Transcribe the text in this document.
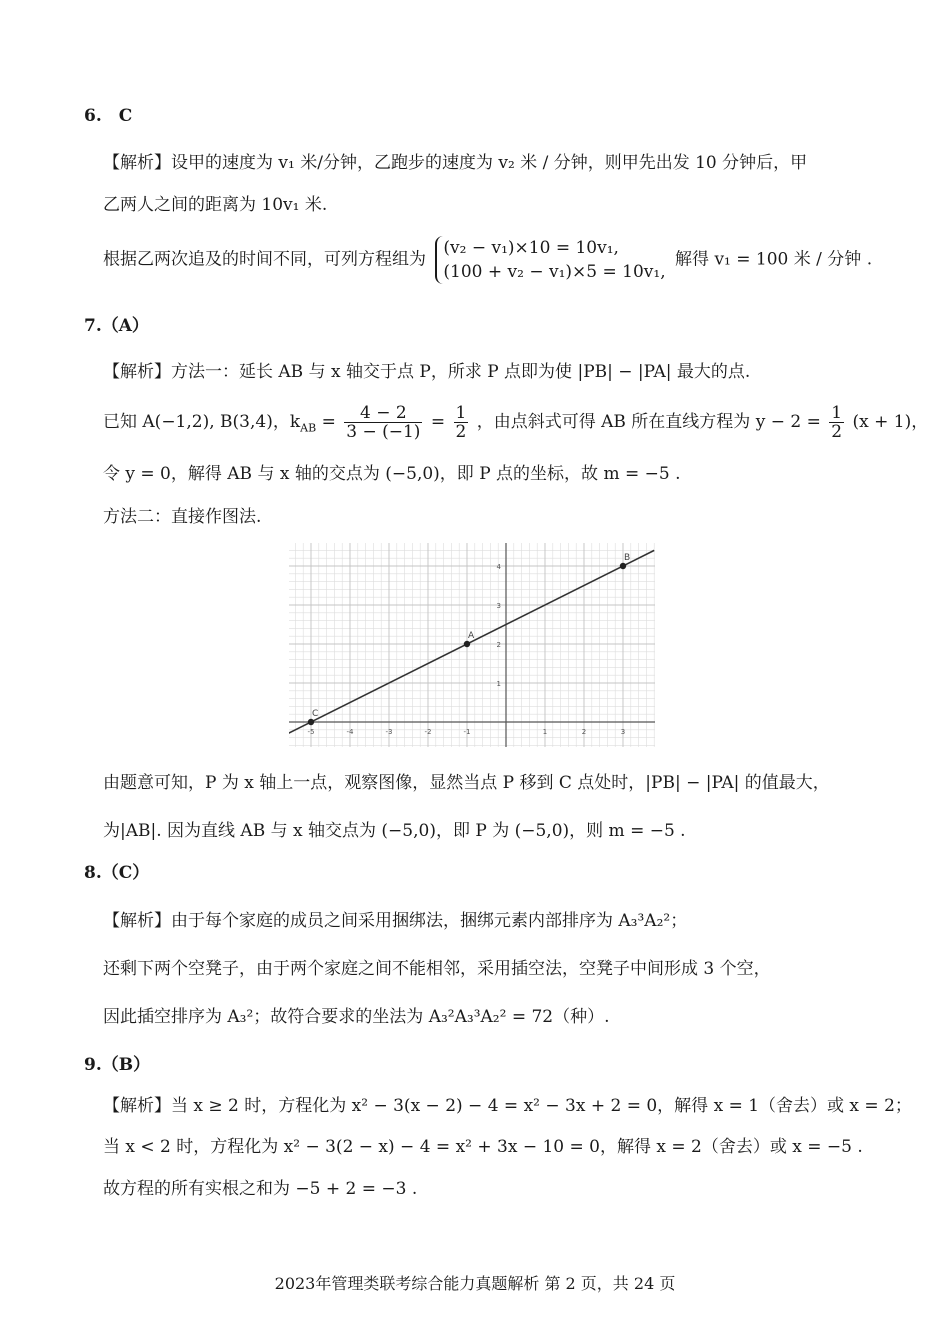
6.　C
【解析】设甲的速度为 v₁ 米/分钟，乙跑步的速度为 v₂ 米 / 分钟，则甲先出发 10 分钟后，甲
乙两人之间的距离为 10v₁ 米.
根据乙两次追及的时间不同，可列方程组为
(v₂ − v₁)×10 = 10v₁,
(100 + v₂ − v₁)×5 = 10v₁,
解得 v₁ = 100 米 / 分钟 .
7.（A）
【解析】方法一：延长 AB 与 x 轴交于点 P，所求 P 点即为使 |PB| − |PA| 最大的点.
已知 A(−1,2), B(3,4)，$k_{AB} = \frac{4 - 2}{3 - (-1)} = \frac{1}{2}$ ，由点斜式可得 AB 所在直线方程为 $y - 2 = \frac{1}{2} (x + 1)$，
令 y = 0，解得 AB 与 x 轴的交点为 (−5,0)，即 P 点的坐标，故 m = −5 .
方法二：直接作图法.
-5	-4	-3	-2	-1	1	2	3
1
2
3
4
A
B
C
由题意可知，P 为 x 轴上一点，观察图像，显然当点 P 移到 C 点处时，|PB| − |PA| 的值最大，
为|AB|. 因为直线 AB 与 x 轴交点为 (−5,0)，即 P 为 (−5,0)，则 m = −5 .
8.（C）
【解析】由于每个家庭的成员之间采用捆绑法，捆绑元素内部排序为 A₃³A₂²；
还剩下两个空凳子，由于两个家庭之间不能相邻，采用插空法，空凳子中间形成 3 个空，
因此插空排序为 A₃²；故符合要求的坐法为 A₃²A₃³A₂² = 72（种）.
9.（B）
【解析】当 x ≥ 2 时，方程化为 x² − 3(x − 2) − 4 = x² − 3x + 2 = 0，解得 x = 1（舍去）或 x = 2；
当 x < 2 时，方程化为 x² − 3(2 − x) − 4 = x² + 3x − 10 = 0，解得 x = 2（舍去）或 x = −5 .
故方程的所有实根之和为 −5 + 2 = −3 .
2023年管理类联考综合能力真题解析 第 2 页，共 24 页
